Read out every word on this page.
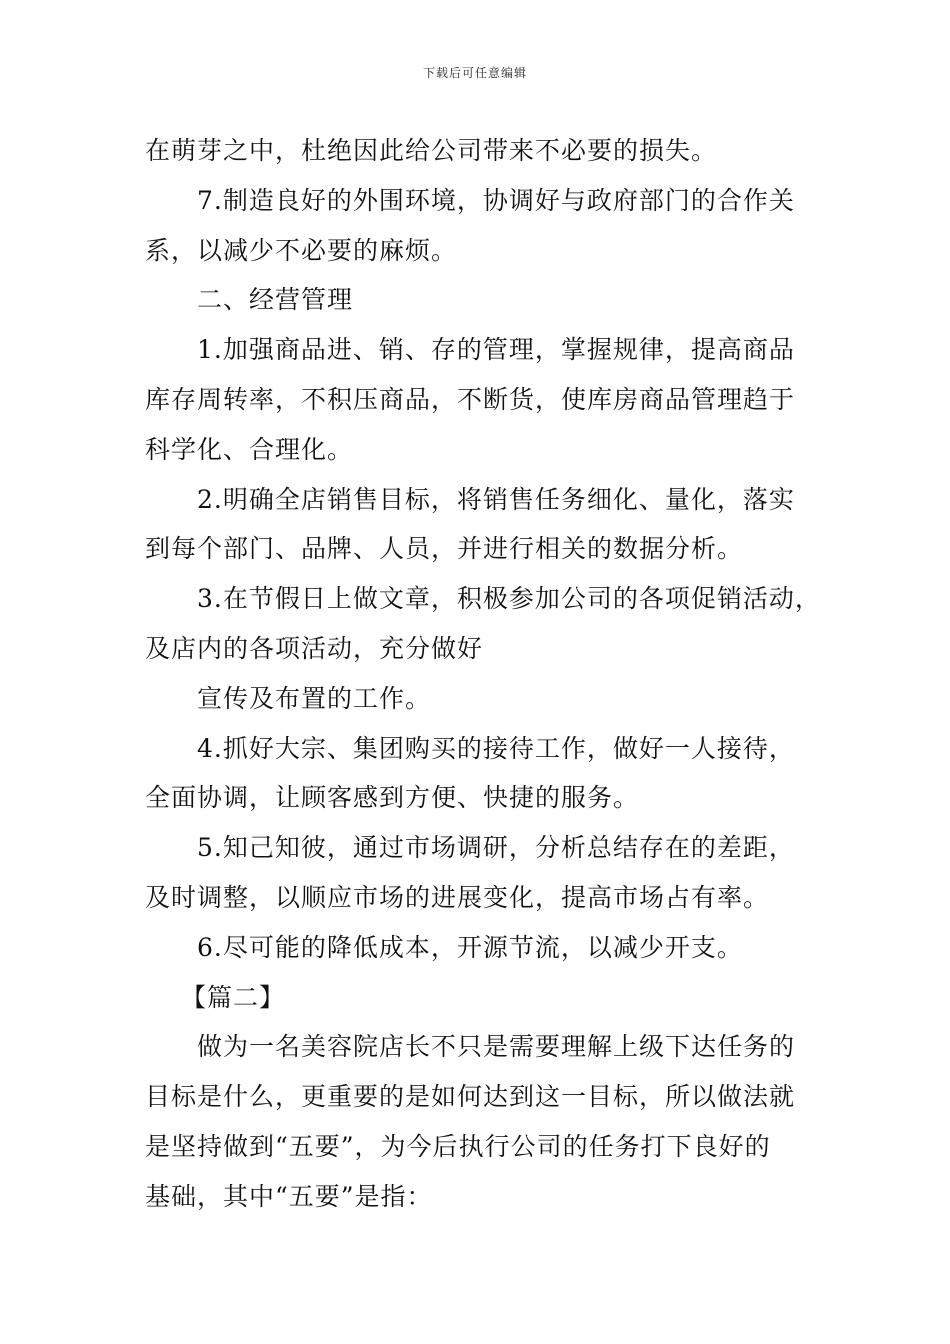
下载后可任意编辑
在萌芽之中，杜绝因此给公司带来不必要的损失。
7.制造良好的外围环境，协调好与政府部门的合作关
系，以减少不必要的麻烦。
二、经营管理
1.加强商品进、销、存的管理，掌握规律，提高商品
库存周转率，不积压商品，不断货，使库房商品管理趋于
科学化、合理化。
2.明确全店销售目标，将销售任务细化、量化，落实
到每个部门、品牌、人员，并进行相关的数据分析。
3.在节假日上做文章，积极参加公司的各项促销活动，
及店内的各项活动，充分做好
宣传及布置的工作。
4.抓好大宗、集团购买的接待工作，做好一人接待，
全面协调，让顾客感到方便、快捷的服务。
5.知己知彼，通过市场调研，分析总结存在的差距，
及时调整，以顺应市场的进展变化，提高市场占有率。
6.尽可能的降低成本，开源节流，以减少开支。
【篇二】
做为一名美容院店长不只是需要理解上级下达任务的
目标是什么，更重要的是如何达到这一目标，所以做法就
是坚持做到“五要”，为今后执行公司的任务打下良好的
基础，其中“五要”是指：
